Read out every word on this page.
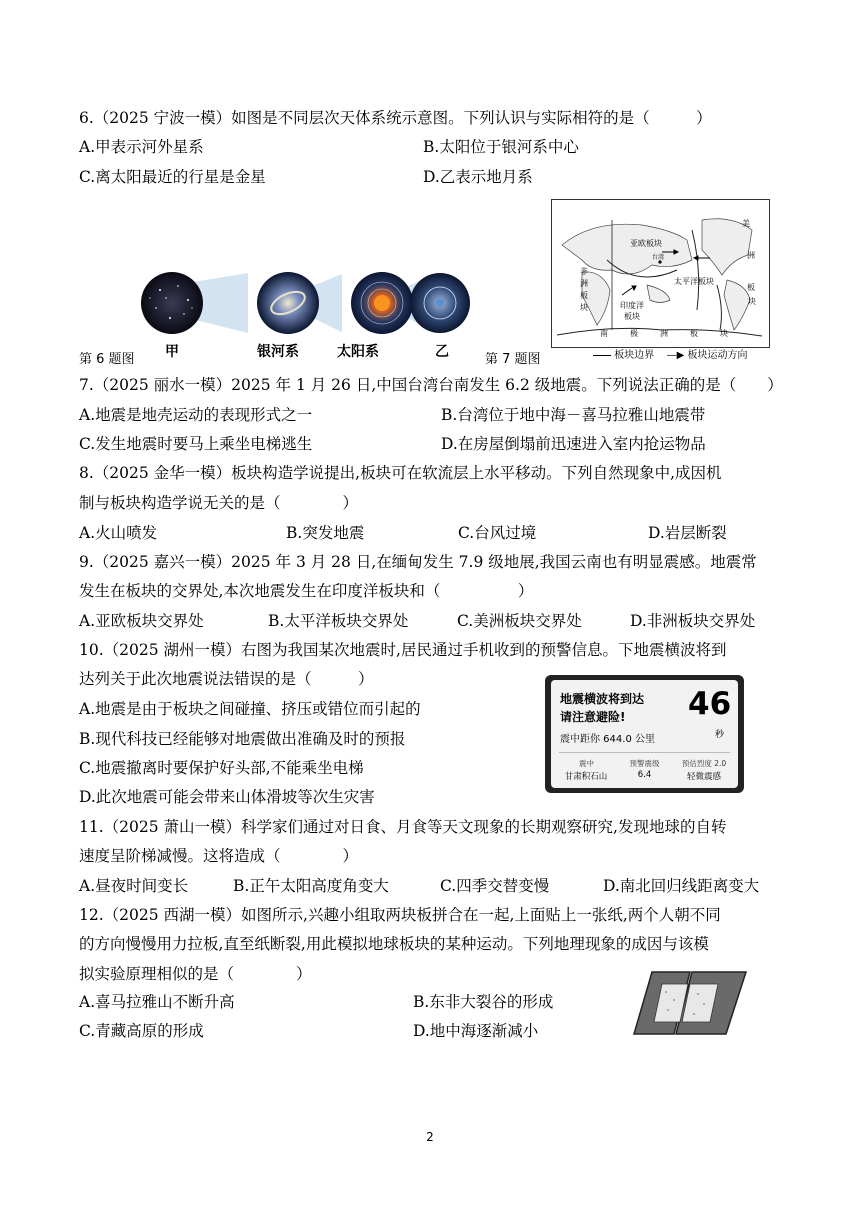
6.（2025 宁波一模）如图是不同层次天体系统示意图。下列认识与实际相符的是（　　　）
A.甲表示河外星系	B.太阳位于银河系中心
C.离太阳最近的行星是金星	D.乙表示地月系
甲	银河系	太阳系	乙
第 6 题图
亚欧板块
美
洲
板
块
非
洲
板
块
太平洋板块
台湾
印度洋
板块
南	极	洲	板	块
板块边界 —▶ 板块运动方向
第 7 题图
7.（2025 丽水一模）2025 年 1 月 26 日,中国台湾台南发生 6.2 级地震。下列说法正确的是（　　）
A.地震是地壳运动的表现形式之一	B.台湾位于地中海－喜马拉雅山地震带
C.发生地震时要马上乘坐电梯逃生	D.在房屋倒塌前迅速进入室内抢运物品
8.（2025 金华一模）板块构造学说提出,板块可在软流层上水平移动。下列自然现象中,成因机
制与板块构造学说无关的是（　　　　）
A.火山喷发	B.突发地震	C.台风过境	D.岩层断裂
9.（2025 嘉兴一模）2025 年 3 月 28 日,在缅甸发生 7.9 级地展,我国云南也有明显震感。地震常
发生在板块的交界处,本次地震发生在印度洋板块和（　　　　　）
A.亚欧板块交界处	B.太平洋板块交界处	C.美洲板块交界处	D.非洲板块交界处
10.（2025 湖州一模）右图为我国某次地震时,居民通过手机收到的预警信息。下地震横波将到
达列关于此次地震说法错误的是（　　　）
A.地震是由于板块之间碰撞、挤压或错位而引起的
B.现代科技已经能够对地震做出准确及时的预报
C.地震撤离时要保护好头部,不能乘坐电梯
D.此次地震可能会带来山体滑坡等次生灾害
地震横波将到达
请注意避险! 46
秒
震中距你 644.0 公里
震中	预警震级	预估烈度 2.0
甘肃积石山	6.4	轻微震感
11.（2025 萧山一模）科学家们通过对日食、月食等天文现象的长期观察研究,发现地球的自转
速度呈阶梯减慢。这将造成（　　　　）
A.昼夜时间变长	B.正午太阳高度角变大	C.四季交替变慢	D.南北回归线距离变大
12.（2025 西湖一模）如图所示,兴趣小组取两块板拼合在一起,上面贴上一张纸,两个人朝不同
的方向慢慢用力拉板,直至纸断裂,用此模拟地球板块的某种运动。下列地理现象的成因与该模
拟实验原理相似的是（　　　　）
A.喜马拉雅山不断升高	B.东非大裂谷的形成
C.青藏高原的形成	D.地中海逐渐减小
2
